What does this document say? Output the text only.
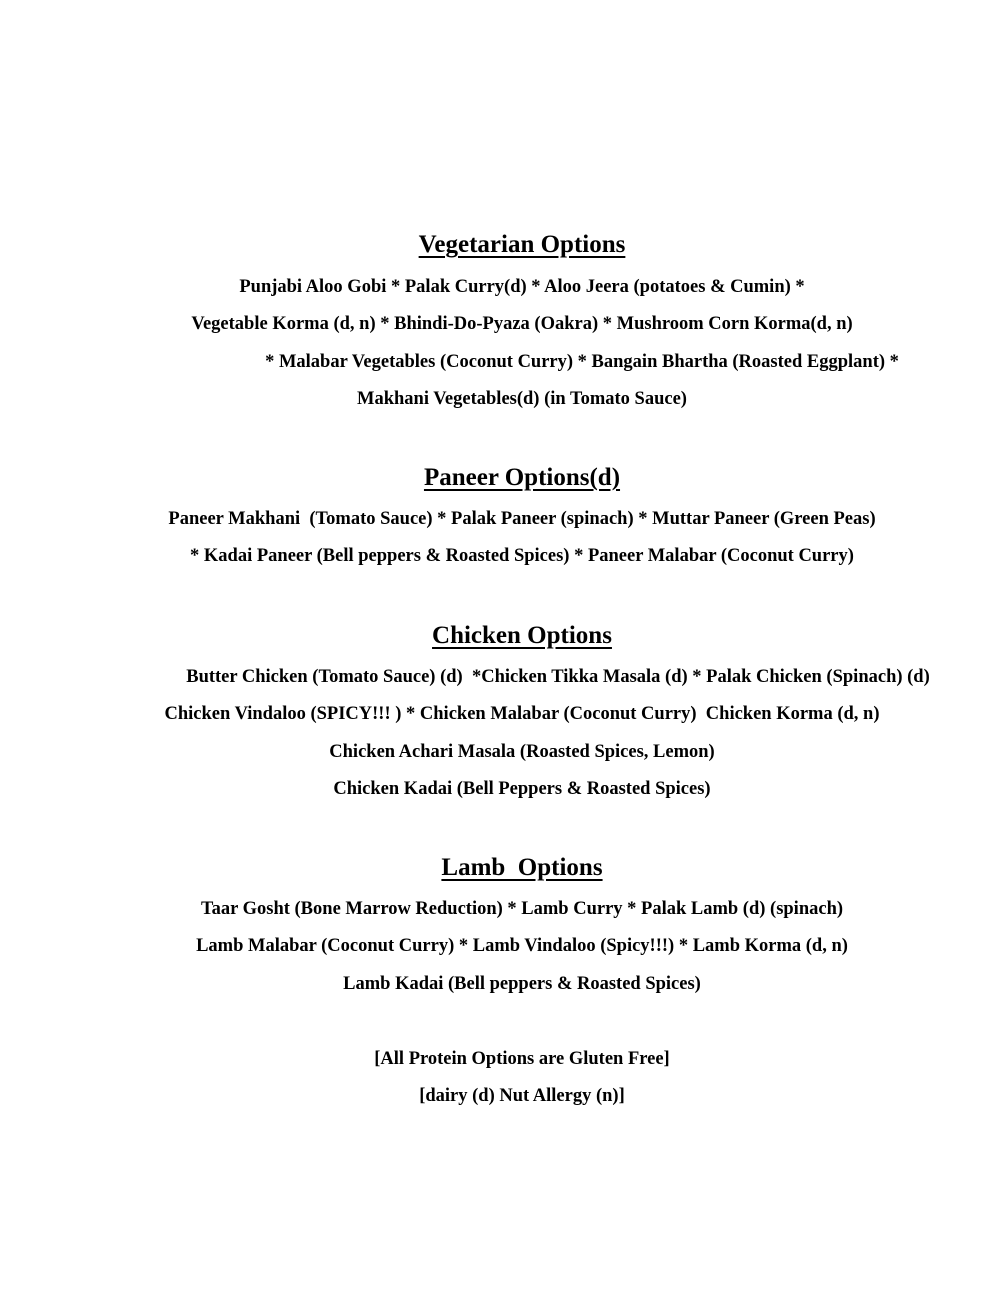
Vegetarian Options
Punjabi Aloo Gobi * Palak Curry(d) * Aloo Jeera (potatoes & Cumin) *
Vegetable Korma (d, n) * Bhindi-Do-Pyaza (Oakra) * Mushroom Corn Korma(d, n)
* Malabar Vegetables (Coconut Curry) * Bangain Bhartha (Roasted Eggplant) *
Makhani Vegetables(d) (in Tomato Sauce)
Paneer Options(d)
Paneer Makhani  (Tomato Sauce) * Palak Paneer (spinach) * Muttar Paneer (Green Peas)
* Kadai Paneer (Bell peppers & Roasted Spices) * Paneer Malabar (Coconut Curry)
Chicken Options
Butter Chicken (Tomato Sauce) (d)  *Chicken Tikka Masala (d) * Palak Chicken (Spinach) (d)
Chicken Vindaloo (SPICY!!! ) * Chicken Malabar (Coconut Curry)  Chicken Korma (d, n)
Chicken Achari Masala (Roasted Spices, Lemon)
Chicken Kadai (Bell Peppers & Roasted Spices)
Lamb  Options
Taar Gosht (Bone Marrow Reduction) * Lamb Curry * Palak Lamb (d) (spinach)
Lamb Malabar (Coconut Curry) * Lamb Vindaloo (Spicy!!!) * Lamb Korma (d, n)
Lamb Kadai (Bell peppers & Roasted Spices)
[All Protein Options are Gluten Free]
[dairy (d) Nut Allergy (n)]
